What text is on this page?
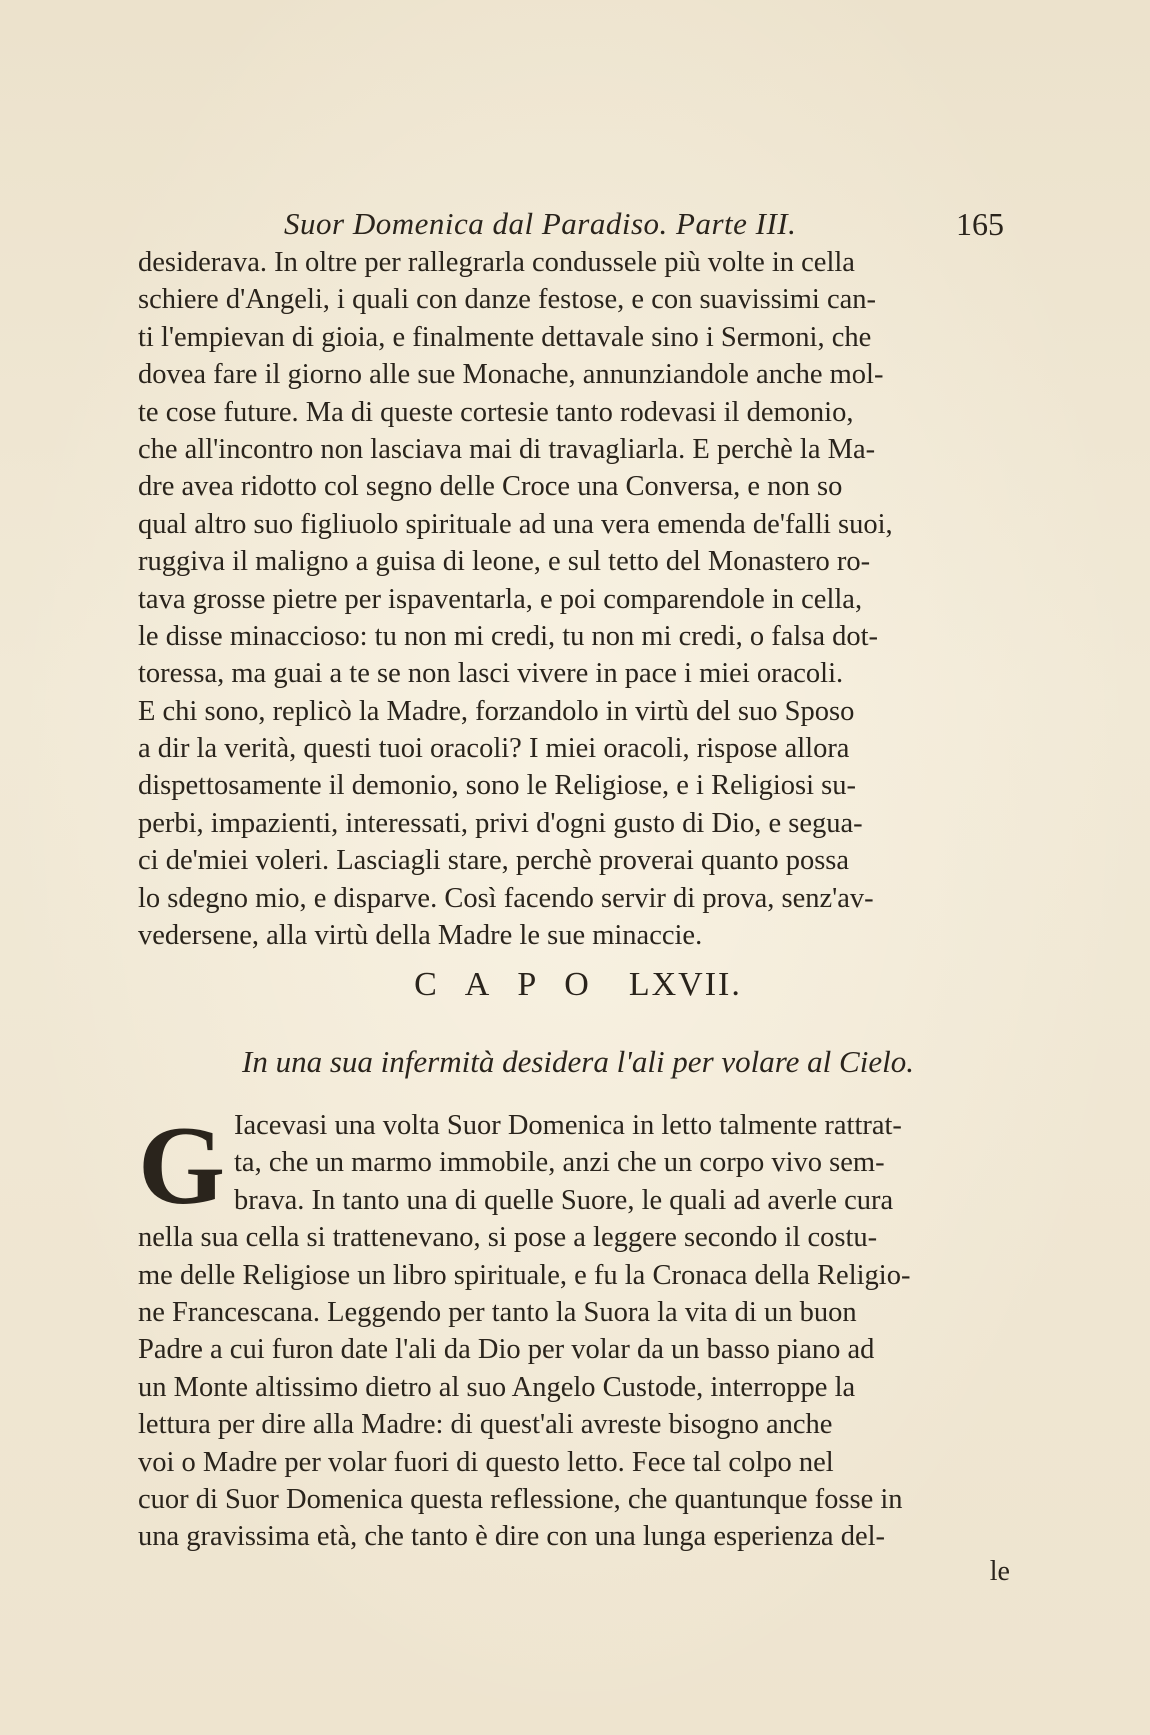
Suor Domenica dal Paradiso. Parte III.	165
desiderava. In oltre per rallegrarla condussele più volte in cella
schiere d'Angeli, i quali con danze festose, e con suavissimi can-
ti l'empievan di gioia, e finalmente dettavale sino i Sermoni, che
dovea fare il giorno alle sue Monache, annunziandole anche mol-
te cose future. Ma di queste cortesie tanto rodevasi il demonio,
che all'incontro non lasciava mai di travagliarla. E perchè la Ma-
dre avea ridotto col segno delle Croce una Conversa, e non so
qual altro suo figliuolo spirituale ad una vera emenda de'falli suoi,
ruggiva il maligno a guisa di leone, e sul tetto del Monastero ro-
tava grosse pietre per ispaventarla, e poi comparendole in cella,
le disse minaccioso: tu non mi credi, tu non mi credi, o falsa dot-
toressa, ma guai a te se non lasci vivere in pace i miei oracoli.
E chi sono, replicò la Madre, forzandolo in virtù del suo Sposo
a dir la verità, questi tuoi oracoli? I miei oracoli, rispose allora
dispettosamente il demonio, sono le Religiose, e i Religiosi su-
perbi, impazienti, interessati, privi d'ogni gusto di Dio, e segua-
ci de'miei voleri. Lasciagli stare, perchè proverai quanto possa
lo sdegno mio, e disparve. Così facendo servir di prova, senz'av-
vedersene, alla virtù della Madre le sue minaccie.
CAPO LXVII.
In una sua infermità desidera l'ali per volare al Cielo.
G Iacevasi una volta Suor Domenica in letto talmente rattrat-
ta, che un marmo immobile, anzi che un corpo vivo sem-
brava. In tanto una di quelle Suore, le quali ad averle cura
nella sua cella si trattenevano, si pose a leggere secondo il costu-
me delle Religiose un libro spirituale, e fu la Cronaca della Religio-
ne Francescana. Leggendo per tanto la Suora la vita di un buon
Padre a cui furon date l'ali da Dio per volar da un basso piano ad
un Monte altissimo dietro al suo Angelo Custode, interroppe la
lettura per dire alla Madre: di quest'ali avreste bisogno anche
voi o Madre per volar fuori di questo letto. Fece tal colpo nel
cuor di Suor Domenica questa reflessione, che quantunque fosse in
una gravissima età, che tanto è dire con una lunga esperienza del-
le
